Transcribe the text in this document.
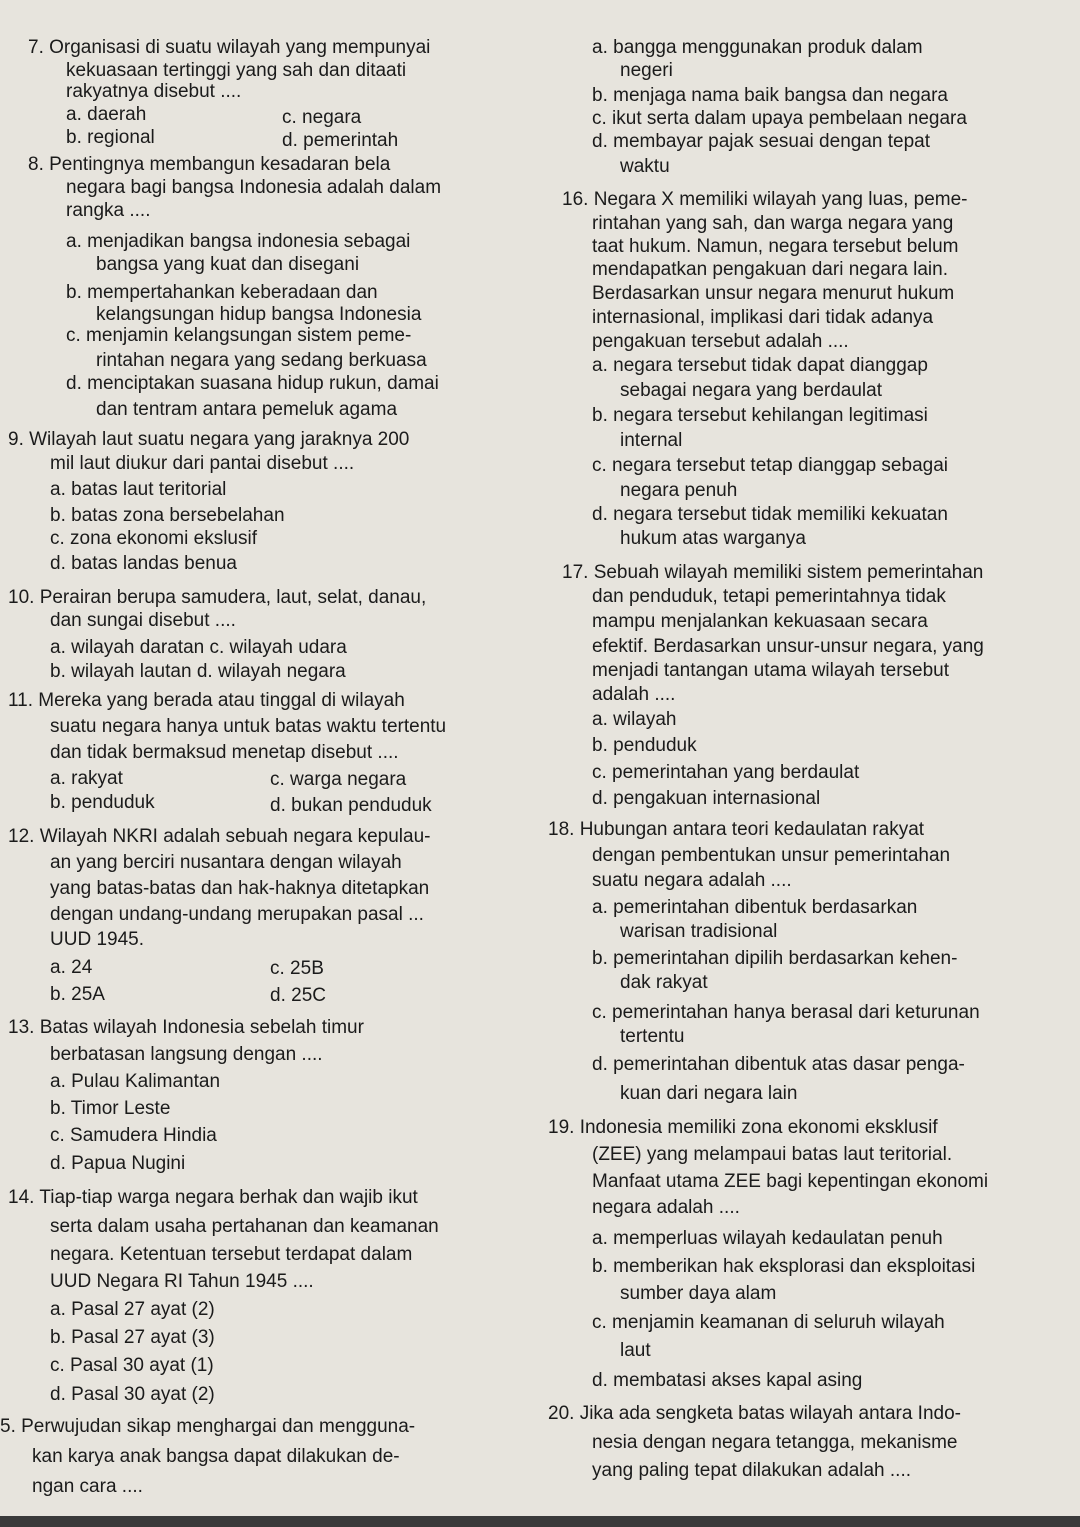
7. Organisasi di suatu wilayah yang mempunyai
kekuasaan tertinggi yang sah dan ditaati
rakyatnya disebut ....
a. daerah	c. negara
b. regional	d. pemerintah
8. Pentingnya membangun kesadaran bela
negara bagi bangsa Indonesia adalah dalam
rangka ....
a. menjadikan bangsa indonesia sebagai
bangsa yang kuat dan disegani
b. mempertahankan keberadaan dan
kelangsungan hidup bangsa Indonesia
c. menjamin kelangsungan sistem peme-
rintahan negara yang sedang berkuasa
d. menciptakan suasana hidup rukun, damai
dan tentram antara pemeluk agama
9. Wilayah laut suatu negara yang jaraknya 200
mil laut diukur dari pantai disebut ....
a. batas laut teritorial
b. batas zona bersebelahan
c. zona ekonomi ekslusif
d. batas landas benua
10. Perairan berupa samudera, laut, selat, danau,
dan sungai disebut ....
a. wilayah daratan c. wilayah udara
b. wilayah lautan d. wilayah negara
11. Mereka yang berada atau tinggal di wilayah
suatu negara hanya untuk batas waktu tertentu
dan tidak bermaksud menetap disebut ....
a. rakyat	c. warga negara
b. penduduk	d. bukan penduduk
12. Wilayah NKRI adalah sebuah negara kepulau-
an yang berciri nusantara dengan wilayah
yang batas-batas dan hak-haknya ditetapkan
dengan undang-undang merupakan pasal ...
UUD 1945.
a. 24	c. 25B
b. 25A	d. 25C
13. Batas wilayah Indonesia sebelah timur
berbatasan langsung dengan ....
a. Pulau Kalimantan
b. Timor Leste
c. Samudera Hindia
d. Papua Nugini
14. Tiap-tiap warga negara berhak dan wajib ikut
serta dalam usaha pertahanan dan keamanan
negara. Ketentuan tersebut terdapat dalam
UUD Negara RI Tahun 1945 ....
a. Pasal 27 ayat (2)
b. Pasal 27 ayat (3)
c. Pasal 30 ayat (1)
d. Pasal 30 ayat (2)
5. Perwujudan sikap menghargai dan mengguna-
kan karya anak bangsa dapat dilakukan de-
ngan cara ....
a. bangga menggunakan produk dalam
negeri
b. menjaga nama baik bangsa dan negara
c. ikut serta dalam upaya pembelaan negara
d. membayar pajak sesuai dengan tepat
waktu
16. Negara X memiliki wilayah yang luas, peme-
rintahan yang sah, dan warga negara yang
taat hukum. Namun, negara tersebut belum
mendapatkan pengakuan dari negara lain.
Berdasarkan unsur negara menurut hukum
internasional, implikasi dari tidak adanya
pengakuan tersebut adalah ....
a. negara tersebut tidak dapat dianggap
sebagai negara yang berdaulat
b. negara tersebut kehilangan legitimasi
internal
c. negara tersebut tetap dianggap sebagai
negara penuh
d. negara tersebut tidak memiliki kekuatan
hukum atas warganya
17. Sebuah wilayah memiliki sistem pemerintahan
dan penduduk, tetapi pemerintahnya tidak
mampu menjalankan kekuasaan secara
efektif. Berdasarkan unsur-unsur negara, yang
menjadi tantangan utama wilayah tersebut
adalah ....
a. wilayah
b. penduduk
c. pemerintahan yang berdaulat
d. pengakuan internasional
18. Hubungan antara teori kedaulatan rakyat
dengan pembentukan unsur pemerintahan
suatu negara adalah ....
a. pemerintahan dibentuk berdasarkan
warisan tradisional
b. pemerintahan dipilih berdasarkan kehen-
dak rakyat
c. pemerintahan hanya berasal dari keturunan
tertentu
d. pemerintahan dibentuk atas dasar penga-
kuan dari negara lain
19. Indonesia memiliki zona ekonomi eksklusif
(ZEE) yang melampaui batas laut teritorial.
Manfaat utama ZEE bagi kepentingan ekonomi
negara adalah ....
a. memperluas wilayah kedaulatan penuh
b. memberikan hak eksplorasi dan eksploitasi
sumber daya alam
c. menjamin keamanan di seluruh wilayah
laut
d. membatasi akses kapal asing
20. Jika ada sengketa batas wilayah antara Indo-
nesia dengan negara tetangga, mekanisme
yang paling tepat dilakukan adalah ....
